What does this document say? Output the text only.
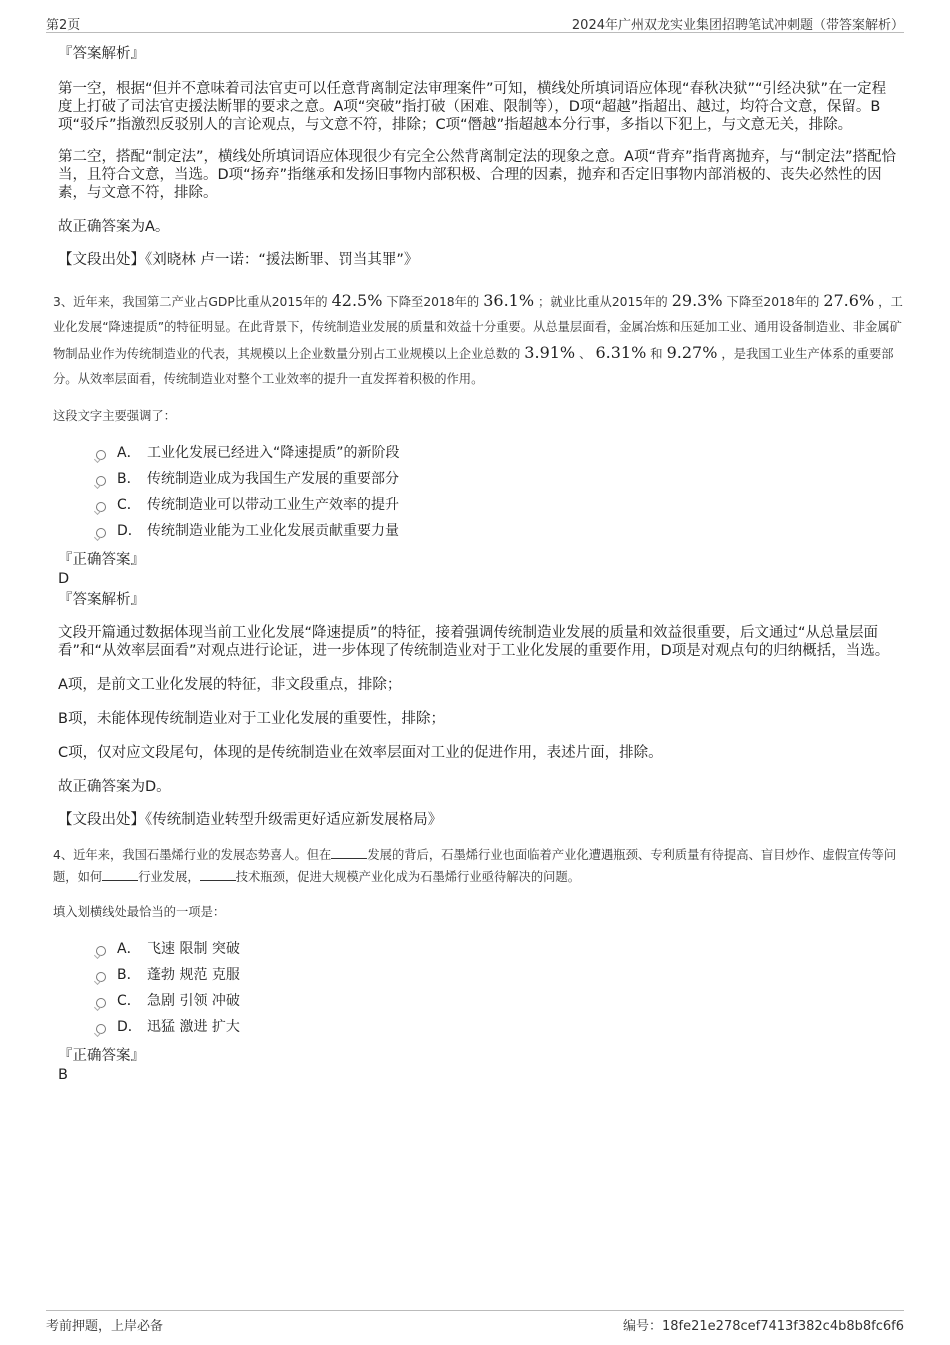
第2页	2024年广州双龙实业集团招聘笔试冲刺题（带答案解析）

『答案解析』

第一空，根据“但并不意味着司法官吏可以任意背离制定法审理案件”可知，横线处所填词语应体现“春秋决狱”“引经决狱”在一定程度上打破了司法官吏援法断罪的要求之意。A项“突破”指打破（困难、限制等），D项“超越”指超出、越过，均符合文意，保留。B项“驳斥”指激烈反驳别人的言论观点，与文意不符，排除；C项“僭越”指超越本分行事，多指以下犯上，与文意无关，排除。

第二空，搭配“制定法”，横线处所填词语应体现很少有完全公然背离制定法的现象之意。A项“背弃”指背离抛弃，与“制定法”搭配恰当，且符合文意，当选。D项“扬弃”指继承和发扬旧事物内部积极、合理的因素，抛弃和否定旧事物内部消极的、丧失必然性的因素，与文意不符，排除。

故正确答案为A。

【文段出处】《刘晓林 卢一诺：“援法断罪、罚当其罪”》

3、近年来，我国第二产业占GDP比重从2015年的 42.5% 下降至2018年的 36.1% ；就业比重从2015年的 29.3% 下降至2018年的 27.6% ，工业化发展“降速提质”的特征明显。在此背景下，传统制造业发展的质量和效益十分重要。从总量层面看，金属冶炼和压延加工业、通用设备制造业、非金属矿物制品业作为传统制造业的代表，其规模以上企业数量分别占工业规模以上企业总数的 3.91% 、 6.31% 和 9.27% ，是我国工业生产体系的重要部分。从效率层面看，传统制造业对整个工业效率的提升一直发挥着积极的作用。

这段文字主要强调了：

A． 工业化发展已经进入“降速提质”的新阶段
B． 传统制造业成为我国生产发展的重要部分
C． 传统制造业可以带动工业生产效率的提升
D． 传统制造业能为工业化发展贡献重要力量

『正确答案』

D

『答案解析』

文段开篇通过数据体现当前工业化发展“降速提质”的特征，接着强调传统制造业发展的质量和效益很重要，后文通过“从总量层面看”和“从效率层面看”对观点进行论证，进一步体现了传统制造业对于工业化发展的重要作用，D项是对观点句的归纳概括，当选。

A项，是前文工业化发展的特征，非文段重点，排除；

B项，未能体现传统制造业对于工业化发展的重要性，排除；

C项，仅对应文段尾句，体现的是传统制造业在效率层面对工业的促进作用，表述片面，排除。

故正确答案为D。

【文段出处】《传统制造业转型升级需更好适应新发展格局》

4、近年来，我国石墨烯行业的发展态势喜人。但在	发展的背后，石墨烯行业也面临着产业化遭遇瓶颈、专利质量有待提高、盲目炒作、虚假宣传等问题，如何	行业发展，	技术瓶颈，促进大规模产业化成为石墨烯行业亟待解决的问题。

填入划横线处最恰当的一项是：

A． 飞速 限制 突破
B． 蓬勃 规范 克服
C． 急剧 引领 冲破
D． 迅猛 激进 扩大

『正确答案』

B

考前押题，上岸必备	编号：18fe21e278cef7413f382c4b8b8fc6f6
